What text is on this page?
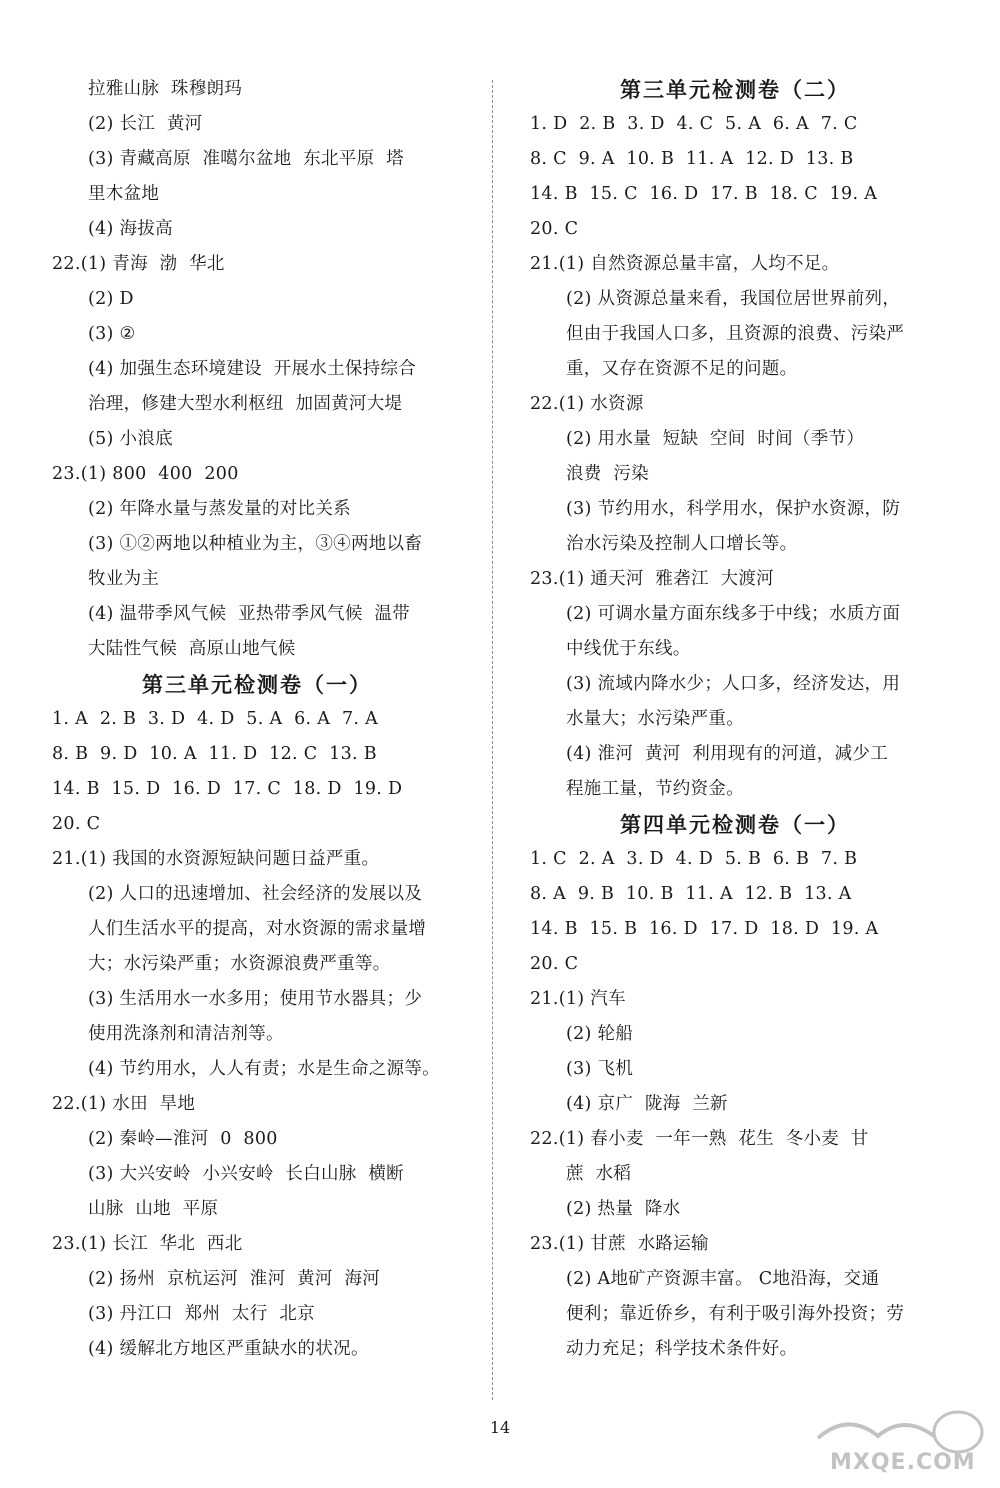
拉雅山脉  珠穆朗玛
(2) 长江  黄河
(3) 青藏高原  准噶尔盆地  东北平原  塔
里木盆地
(4) 海拔高
22.(1) 青海  渤  华北
(2) D
(3) ②
(4) 加强生态环境建设  开展水土保持综合
治理，修建大型水利枢纽  加固黄河大堤
(5) 小浪底
23.(1) 800  400  200
(2) 年降水量与蒸发量的对比关系
(3) ①②两地以种植业为主，③④两地以畜
牧业为主
(4) 温带季风气候  亚热带季风气候  温带
大陆性气候  高原山地气候
第三单元检测卷（一）
1. A  2. B  3. D  4. D  5. A  6. A  7. A
8. B  9. D  10. A  11. D  12. C  13. B
14. B  15. D  16. D  17. C  18. D  19. D
20. C
21.(1) 我国的水资源短缺问题日益严重。
(2) 人口的迅速增加、社会经济的发展以及
人们生活水平的提高，对水资源的需求量增
大；水污染严重；水资源浪费严重等。
(3) 生活用水一水多用；使用节水器具；少
使用洗涤剂和清洁剂等。
(4) 节约用水，人人有责；水是生命之源等。
22.(1) 水田  旱地
(2) 秦岭—淮河  0  800
(3) 大兴安岭  小兴安岭  长白山脉  横断
山脉  山地  平原
23.(1) 长江  华北  西北
(2) 扬州  京杭运河  淮河  黄河  海河
(3) 丹江口  郑州  太行  北京
(4) 缓解北方地区严重缺水的状况。
第三单元检测卷（二）
1. D  2. B  3. D  4. C  5. A  6. A  7. C
8. C  9. A  10. B  11. A  12. D  13. B
14. B  15. C  16. D  17. B  18. C  19. A
20. C
21.(1) 自然资源总量丰富，人均不足。
(2) 从资源总量来看，我国位居世界前列，
但由于我国人口多，且资源的浪费、污染严
重，又存在资源不足的问题。
22.(1) 水资源
(2) 用水量  短缺  空间  时间（季节）
浪费  污染
(3) 节约用水，科学用水，保护水资源，防
治水污染及控制人口增长等。
23.(1) 通天河  雅砻江  大渡河
(2) 可调水量方面东线多于中线；水质方面
中线优于东线。
(3) 流域内降水少；人口多，经济发达，用
水量大；水污染严重。
(4) 淮河  黄河  利用现有的河道，减少工
程施工量，节约资金。
第四单元检测卷（一）
1. C  2. A  3. D  4. D  5. B  6. B  7. B
8. A  9. B  10. B  11. A  12. B  13. A
14. B  15. B  16. D  17. D  18. D  19. A
20. C
21.(1) 汽车
(2) 轮船
(3) 飞机
(4) 京广  陇海  兰新
22.(1) 春小麦  一年一熟  花生  冬小麦  甘
蔗  水稻
(2) 热量  降水
23.(1) 甘蔗  水路运输
(2) A地矿产资源丰富。 C地沿海，交通
便利；靠近侨乡，有利于吸引海外投资；劳
动力充足；科学技术条件好。
14
MXQE.COM
